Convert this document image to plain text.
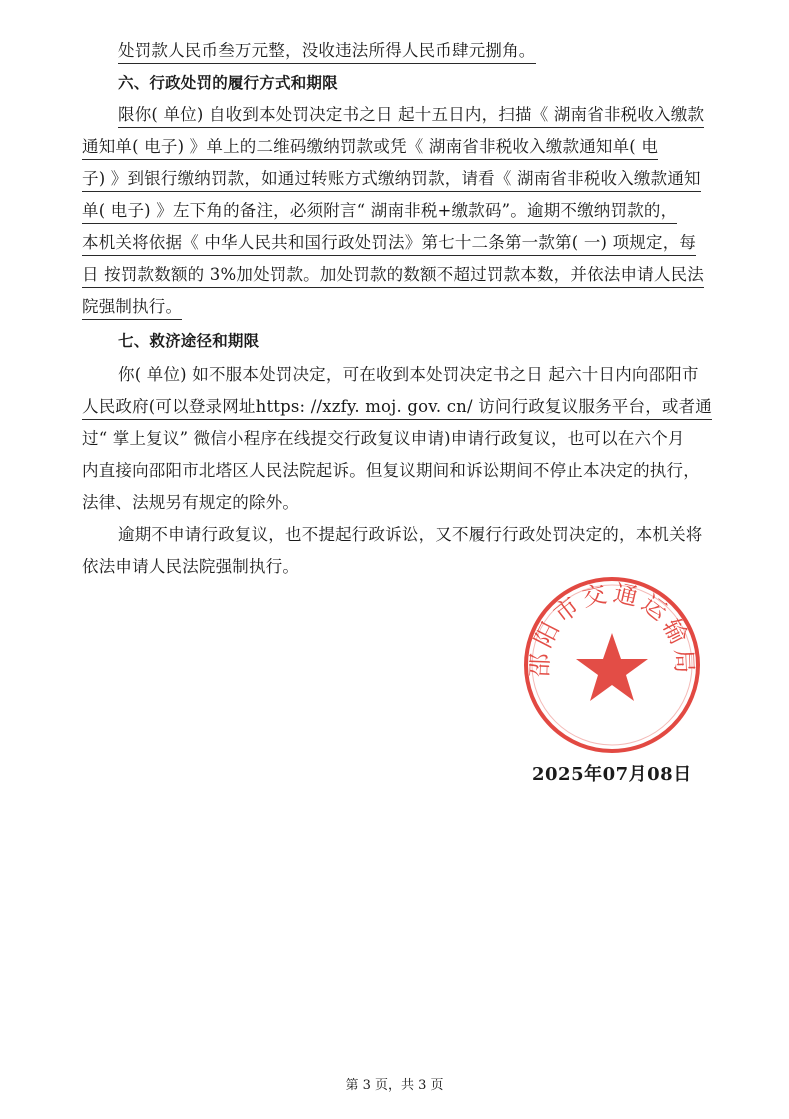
处罚款人民币叁万元整，没收违法所得人民币肆元捌角。
六、行政处罚的履行方式和期限
限你( 单位) 自收到本处罚决定书之日 起十五日内，扫描《 湖南省非税收入缴款
通知单( 电子) 》单上的二维码缴纳罚款或凭《 湖南省非税收入缴款通知单( 电
子) 》到银行缴纳罚款，如通过转账方式缴纳罚款，请看《 湖南省非税收入缴款通知
单( 电子) 》左下角的备注，必须附言“ 湖南非税+缴款码”。逾期不缴纳罚款的，
本机关将依据《 中华人民共和国行政处罚法》第七十二条第一款第( 一) 项规定，每
日 按罚款数额的 3%加处罚款。加处罚款的数额不超过罚款本数，并依法申请人民法
院强制执行。
七、救济途径和期限
你( 单位) 如不服本处罚决定，可在收到本处罚决定书之日 起六十日内向邵阳市
人民政府(可以登录网址https: //xzfy. moj. gov. cn/ 访问行政复议服务平台，或者通
过“ 掌上复议” 微信小程序在线提交行政复议申请)申请行政复议，也可以在六个月
内直接向邵阳市北塔区人民法院起诉。但复议期间和诉讼期间不停止本决定的执行，
法律、法规另有规定的除外。
逾期不申请行政复议，也不提起行政诉讼，又不履行行政处罚决定的，本机关将
依法申请人民法院强制执行。
邵阳市交通运输局
2025年07月08日
第 3 页，共 3 页
